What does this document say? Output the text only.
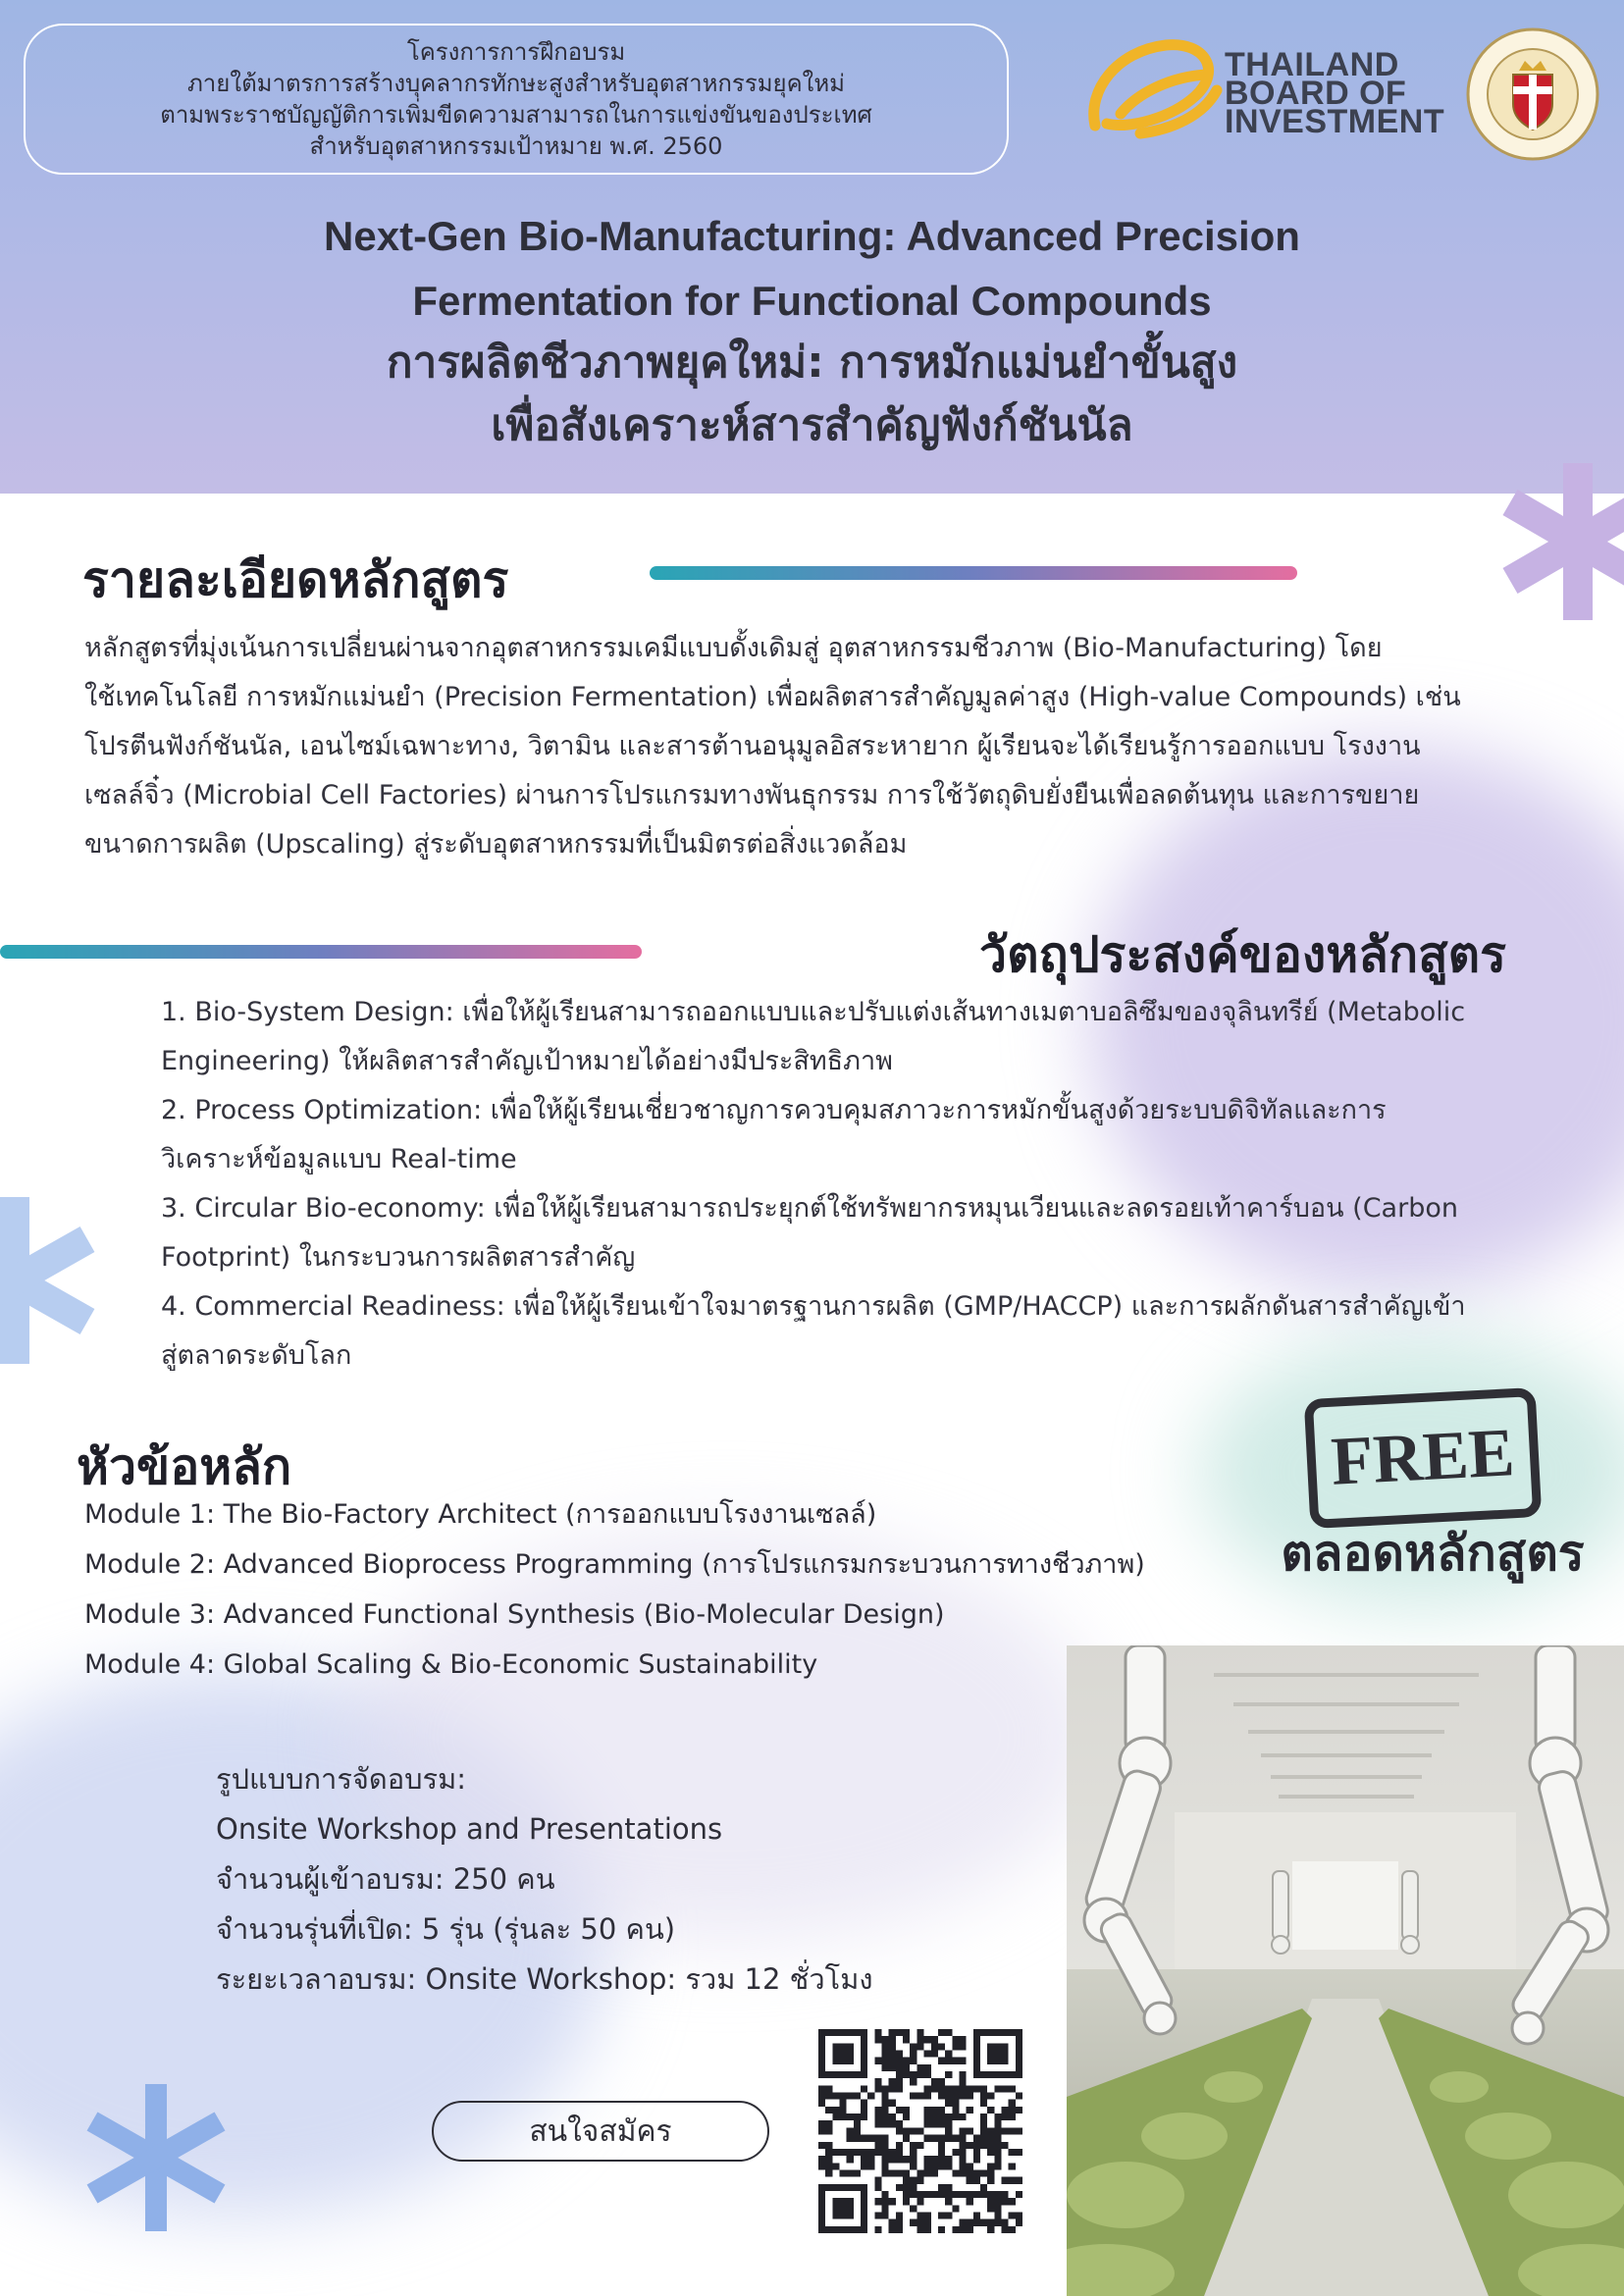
โครงการการฝึกอบรม
ภายใต้มาตรการสร้างบุคลากรทักษะสูงสำหรับอุตสาหกรรมยุคใหม่
ตามพระราชบัญญัติการเพิ่มขีดความสามารถในการแข่งขันของประเทศ
สำหรับอุตสาหกรรมเป้าหมาย พ.ศ. 2560
THAILAND
BOARD OF
INVESTMENT
Next-Gen Bio-Manufacturing: Advanced Precision
Fermentation for Functional Compounds
การผลิตชีวภาพยุคใหม่: การหมักแม่นยำขั้นสูง
เพื่อสังเคราะห์สารสำคัญฟังก์ชันนัล
รายละเอียดหลักสูตร
หลักสูตรที่มุ่งเน้นการเปลี่ยนผ่านจากอุตสาหกรรมเคมีแบบดั้งเดิมสู่ อุตสาหกรรมชีวภาพ (Bio-Manufacturing) โดย
ใช้เทคโนโลยี การหมักแม่นยำ (Precision Fermentation) เพื่อผลิตสารสำคัญมูลค่าสูง (High-value Compounds) เช่น
โปรตีนฟังก์ชันนัล, เอนไซม์เฉพาะทาง, วิตามิน และสารต้านอนุมูลอิสระหายาก ผู้เรียนจะได้เรียนรู้การออกแบบ โรงงาน
เซลล์จิ๋ว (Microbial Cell Factories) ผ่านการโปรแกรมทางพันธุกรรม การใช้วัตถุดิบยั่งยืนเพื่อลดต้นทุน และการขยาย
ขนาดการผลิต (Upscaling) สู่ระดับอุตสาหกรรมที่เป็นมิตรต่อสิ่งแวดล้อม
วัตถุประสงค์ของหลักสูตร
1. Bio-System Design: เพื่อให้ผู้เรียนสามารถออกแบบและปรับแต่งเส้นทางเมตาบอลิซึมของจุลินทรีย์ (Metabolic
Engineering) ให้ผลิตสารสำคัญเป้าหมายได้อย่างมีประสิทธิภาพ
2. Process Optimization: เพื่อให้ผู้เรียนเชี่ยวชาญการควบคุมสภาวะการหมักขั้นสูงด้วยระบบดิจิทัลและการ
วิเคราะห์ข้อมูลแบบ Real-time
3. Circular Bio-economy: เพื่อให้ผู้เรียนสามารถประยุกต์ใช้ทรัพยากรหมุนเวียนและลดรอยเท้าคาร์บอน (Carbon
Footprint) ในกระบวนการผลิตสารสำคัญ
4. Commercial Readiness: เพื่อให้ผู้เรียนเข้าใจมาตรฐานการผลิต (GMP/HACCP) และการผลักดันสารสำคัญเข้า
สู่ตลาดระดับโลก
หัวข้อหลัก
Module 1: The Bio-Factory Architect (การออกแบบโรงงานเซลล์)
Module 2: Advanced Bioprocess Programming (การโปรแกรมกระบวนการทางชีวภาพ)
Module 3: Advanced Functional Synthesis (Bio-Molecular Design)
Module 4: Global Scaling & Bio-Economic Sustainability
FREE
ตลอดหลักสูตร
รูปแบบการจัดอบรม:
Onsite Workshop and Presentations
จำนวนผู้เข้าอบรม: 250 คน
จำนวนรุ่นที่เปิด: 5 รุ่น (รุ่นละ 50 คน)
ระยะเวลาอบรม: Onsite Workshop: รวม 12 ชั่วโมง
สนใจสมัคร
